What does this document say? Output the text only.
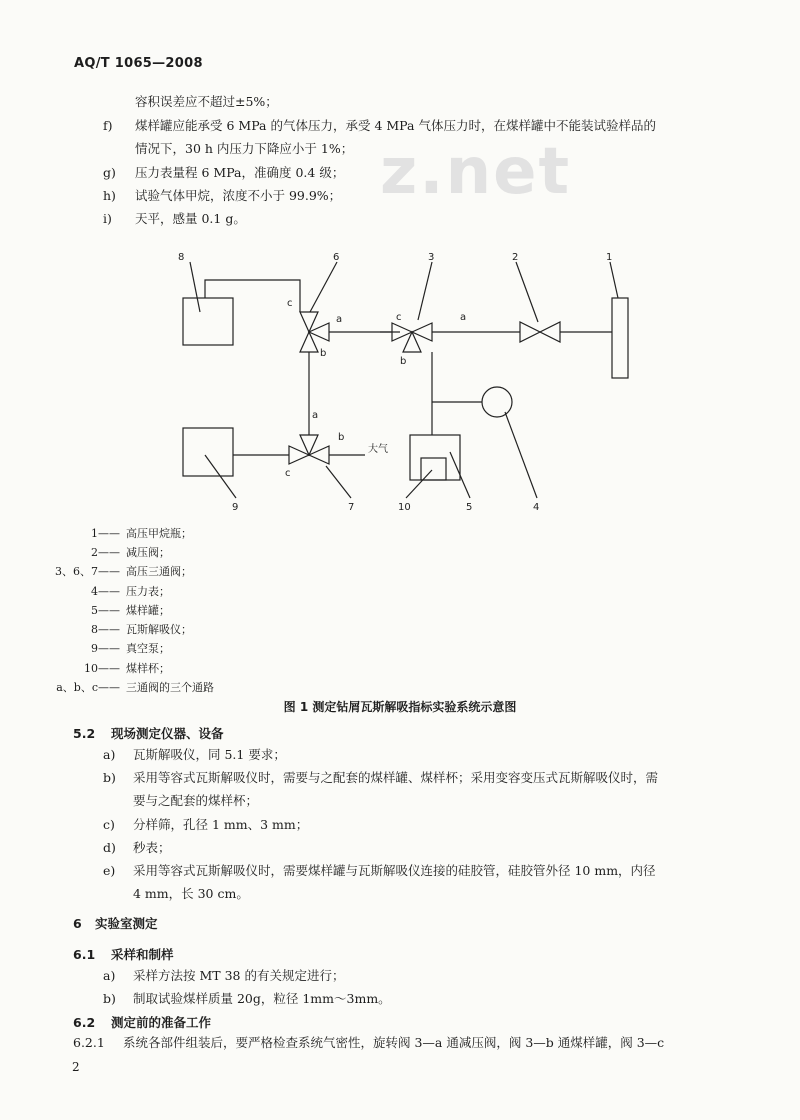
AQ/T 1065—2008
z.net
容积误差应不超过±5%；
f) 煤样罐应能承受 6 MPa 的气体压力，承受 4 MPa 气体压力时，在煤样罐中不能装试验样品的
情况下，30 h 内压力下降应小于 1%；
g) 压力表量程 6 MPa，准确度 0.4 级；
h) 试验气体甲烷，浓度不小于 99.9%；
i) 天平，感量 0.1 g。
8	6	3	2	1
9	7	10	5	4
c
a
b
c	a
b
a
b
c
大气
1—— 高压甲烷瓶；
2—— 减压阀；
3、6、7—— 高压三通阀；
4—— 压力表；
5—— 煤样罐；
8—— 瓦斯解吸仪；
9—— 真空泵；
10—— 煤样杯；
a、b、c—— 三通阀的三个通路
图 1 测定钻屑瓦斯解吸指标实验系统示意图
5.2 现场测定仪器、设备
a) 瓦斯解吸仪，同 5.1 要求；
b) 采用等容式瓦斯解吸仪时，需要与之配套的煤样罐、煤样杯；采用变容变压式瓦斯解吸仪时，需
要与之配套的煤样杯；
c) 分样筛，孔径 1 mm、3 mm；
d) 秒表；
e) 采用等容式瓦斯解吸仪时，需要煤样罐与瓦斯解吸仪连接的硅胶管，硅胶管外径 10 mm，内径
4 mm，长 30 cm。
6 实验室测定
6.1 采样和制样
a) 采样方法按 MT 38 的有关规定进行；
b) 制取试验煤样质量 20g，粒径 1mm～3mm。
6.2 测定前的准备工作
6.2.1 系统各部件组装后，要严格检查系统气密性，旋转阀 3—a 通减压阀，阀 3—b 通煤样罐，阀 3—c
2
